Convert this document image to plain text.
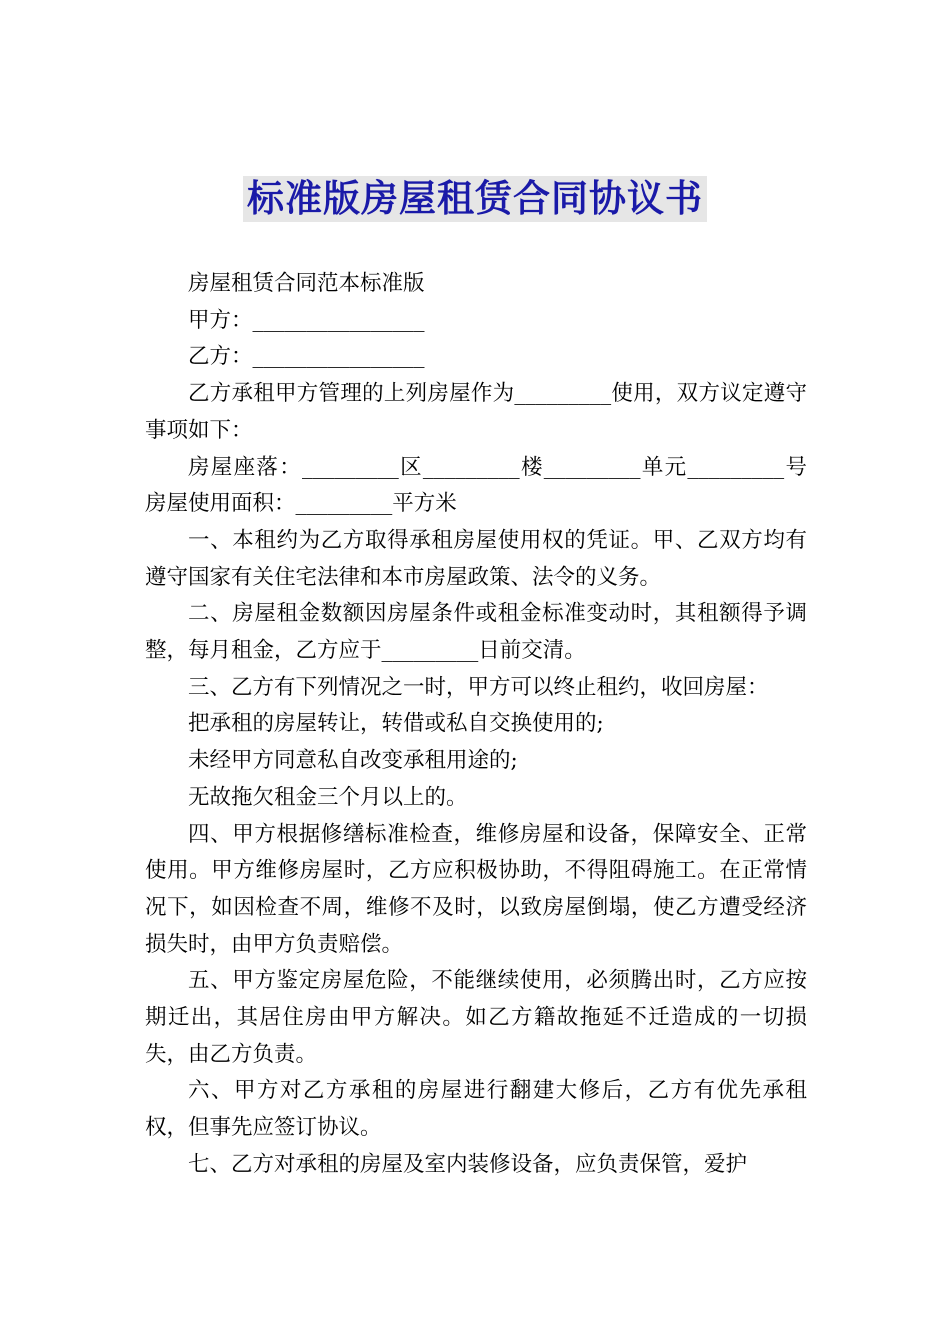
标准版房屋租赁合同协议书

房屋租赁合同范本标准版

甲方：________________

乙方：________________

乙方承租甲方管理的上列房屋作为_________使用，双方议定遵守事项如下：

房屋座落：_________区_________楼_________单元_________号房屋使用面积：_________平方米

一、本租约为乙方取得承租房屋使用权的凭证。甲、乙双方均有遵守国家有关住宅法律和本市房屋政策、法令的义务。

二、房屋租金数额因房屋条件或租金标准变动时，其租额得予调整，每月租金，乙方应于_________日前交清。

三、乙方有下列情况之一时，甲方可以终止租约，收回房屋：

把承租的房屋转让，转借或私自交换使用的;

未经甲方同意私自改变承租用途的;

无故拖欠租金三个月以上的。

四、甲方根据修缮标准检查，维修房屋和设备，保障安全、正常使用。甲方维修房屋时，乙方应积极协助，不得阻碍施工。在正常情况下，如因检查不周，维修不及时，以致房屋倒塌，使乙方遭受经济损失时，由甲方负责赔偿。

五、甲方鉴定房屋危险，不能继续使用，必须腾出时，乙方应按期迁出，其居住房由甲方解决。如乙方籍故拖延不迁造成的一切损失，由乙方负责。

六、甲方对乙方承租的房屋进行翻建大修后，乙方有优先承租权，但事先应签订协议。

七、乙方对承租的房屋及室内装修设备，应负责保管，爱护
